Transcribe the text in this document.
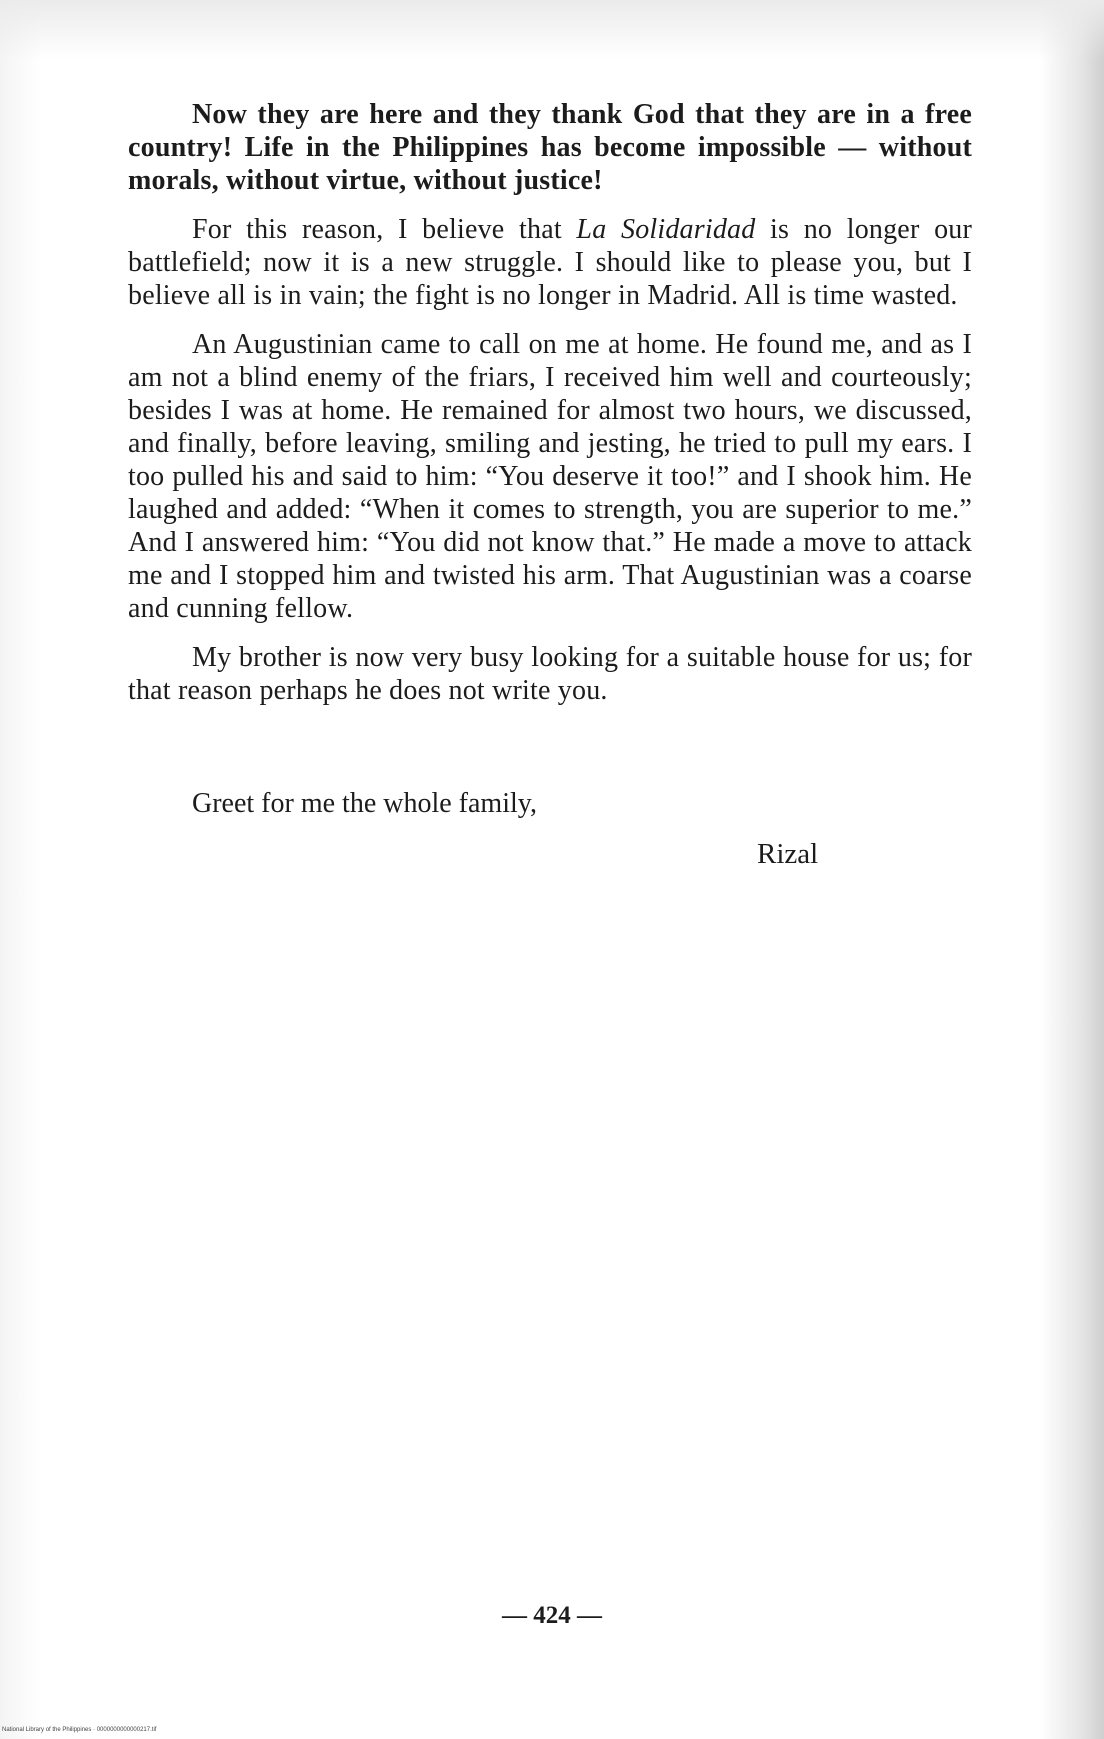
Now they are here and they thank God that they are in a free country! Life in the Philippines has become impossible — without morals, without virtue, without justice!

For this reason, I believe that La Solidaridad is no longer our battlefield; now it is a new struggle. I should like to please you, but I believe all is in vain; the fight is no longer in Madrid. All is time wasted.

An Augustinian came to call on me at home. He found me, and as I am not a blind enemy of the friars, I received him well and courteously; besides I was at home. He remained for almost two hours, we discussed, and finally, before leaving, smiling and jesting, he tried to pull my ears. I too pulled his and said to him: “You deserve it too!” and I shook him. He laughed and added: “When it comes to strength, you are superior to me.” And I answered him: “You did not know that.” He made a move to attack me and I stopped him and twisted his arm. That Augustinian was a coarse and cunning fellow.

My brother is now very busy looking for a suitable house for us; for that reason perhaps he does not write you.

Greet for me the whole family,
Rizal
— 424 —
National Library of the Philippines · 0000000000000217.tif
